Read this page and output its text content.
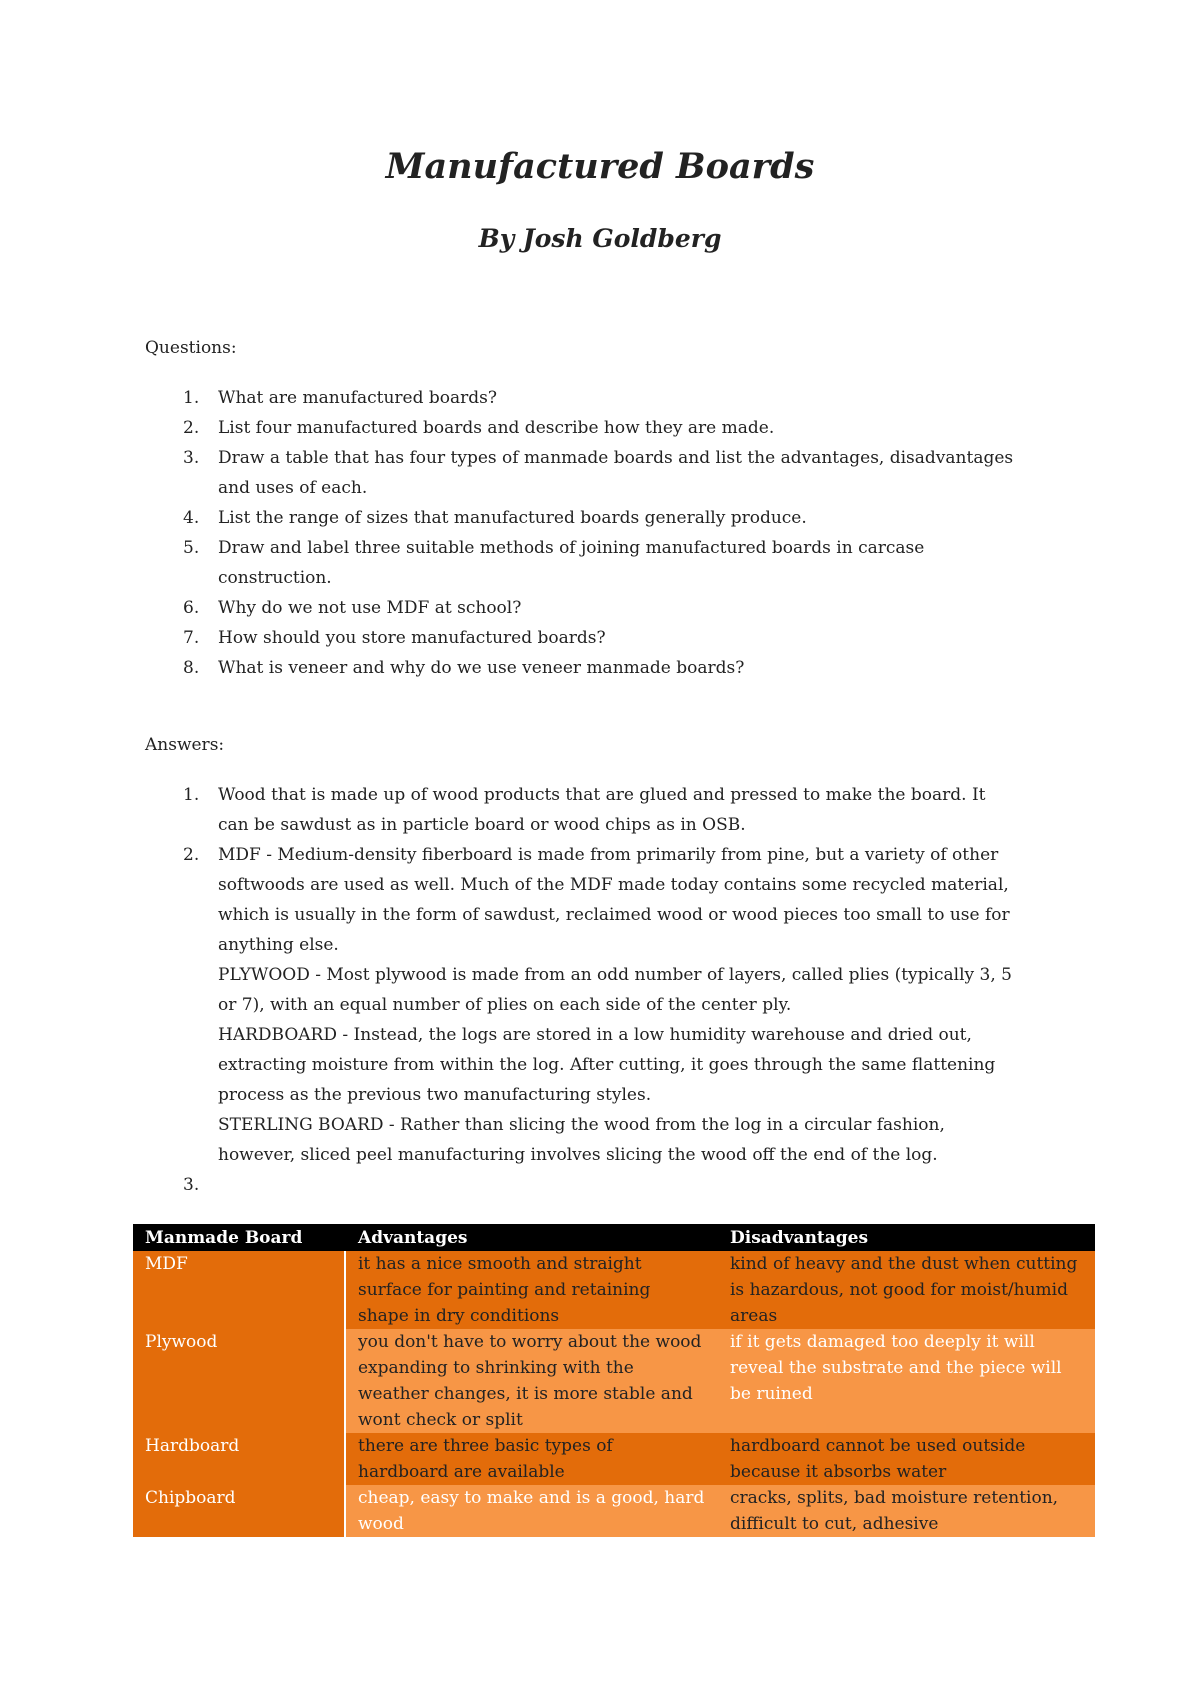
Manufactured Boards
By Josh Goldberg

Questions:

1. What are manufactured boards?
2. List four manufactured boards and describe how they are made.
3. Draw a table that has four types of manmade boards and list the advantages, disadvantages and uses of each.
4. List the range of sizes that manufactured boards generally produce.
5. Draw and label three suitable methods of joining manufactured boards in carcase construction.
6. Why do we not use MDF at school?
7. How should you store manufactured boards?
8. What is veneer and why do we use veneer manmade boards?

Answers:

1. Wood that is made up of wood products that are glued and pressed to make the board. It can be sawdust as in particle board or wood chips as in OSB.
2. MDF - Medium-density fiberboard is made from primarily from pine, but a variety of other softwoods are used as well. Much of the MDF made today contains some recycled material, which is usually in the form of sawdust, reclaimed wood or wood pieces too small to use for anything else.
PLYWOOD - Most plywood is made from an odd number of layers, called plies (typically 3, 5 or 7), with an equal number of plies on each side of the center ply.
HARDBOARD - Instead, the logs are stored in a low humidity warehouse and dried out, extracting moisture from within the log. After cutting, it goes through the same flattening process as the previous two manufacturing styles.
STERLING BOARD - Rather than slicing the wood from the log in a circular fashion, however, sliced peel manufacturing involves slicing the wood off the end of the log.
3.

Manmade Board	Advantages	Disadvantages
MDF	it has a nice smooth and straight surface for painting and retaining shape in dry conditions	kind of heavy and the dust when cutting is hazardous, not good for moist/humid areas
Plywood	you don't have to worry about the wood expanding to shrinking with the weather changes, it is more stable and wont check or split	if it gets damaged too deeply it will reveal the substrate and the piece will be ruined
Hardboard	there are three basic types of hardboard are available	hardboard cannot be used outside because it absorbs water
Chipboard	cheap, easy to make and is a good, hard wood	cracks, splits, bad moisture retention, difficult to cut, adhesive
